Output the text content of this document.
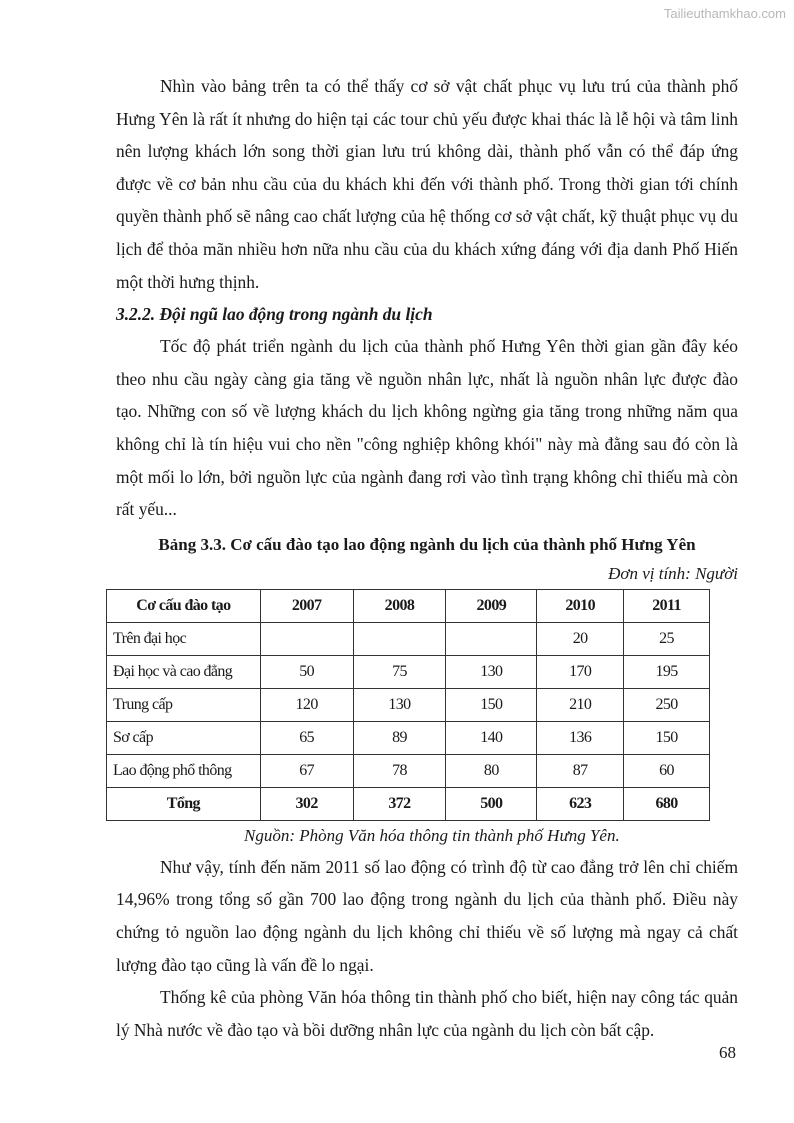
Tailieuthamkhao.com

Nhìn vào bảng trên ta có thể thấy cơ sở vật chất phục vụ lưu trú của thành phố Hưng Yên là rất ít nhưng do hiện tại các tour chủ yếu được khai thác là lễ hội và tâm linh nên lượng khách lớn song thời gian lưu trú không dài, thành phố vẫn có thể đáp ứng được về cơ bản nhu cầu của du khách khi đến với thành phố. Trong thời gian tới chính quyền thành phố sẽ nâng cao chất lượng của hệ thống cơ sở vật chất, kỹ thuật phục vụ du lịch để thỏa mãn nhiều hơn nữa nhu cầu của du khách xứng đáng với địa danh Phố Hiến một thời hưng thịnh.

3.2.2. Đội ngũ lao động trong ngành du lịch

Tốc độ phát triển ngành du lịch của thành phố Hưng Yên thời gian gần đây kéo theo nhu cầu ngày càng gia tăng về nguồn nhân lực, nhất là nguồn nhân lực được đào tạo. Những con số về lượng khách du lịch không ngừng gia tăng trong những năm qua không chỉ là tín hiệu vui cho nền "công nghiệp không khói" này mà đằng sau đó còn là một mối lo lớn, bởi nguồn lực của ngành đang rơi vào tình trạng không chỉ thiếu mà còn rất yếu...

Bảng 3.3. Cơ cấu đào tạo lao động ngành du lịch của thành phố Hưng Yên

Đơn vị tính: Người

Cơ cấu đào tạo	2007	2008	2009	2010	2011
Trên đại học				20	25
Đại học và cao đẳng	50	75	130	170	195
Trung cấp	120	130	150	210	250
Sơ cấp	65	89	140	136	150
Lao động phổ thông	67	78	80	87	60
Tổng	302	372	500	623	680

Nguồn: Phòng Văn hóa thông tin thành phố Hưng Yên.

Như vậy, tính đến năm 2011 số lao động có trình độ từ cao đẳng trở lên chỉ chiếm 14,96% trong tổng số gần 700 lao động trong ngành du lịch của thành phố. Điều này chứng tỏ nguồn lao động ngành du lịch không chỉ thiếu về số lượng mà ngay cả chất lượng đào tạo cũng là vấn đề lo ngại.

Thống kê của phòng Văn hóa thông tin thành phố cho biết, hiện nay công tác quản lý Nhà nước về đào tạo và bồi dưỡng nhân lực của ngành du lịch còn bất cập.

68
